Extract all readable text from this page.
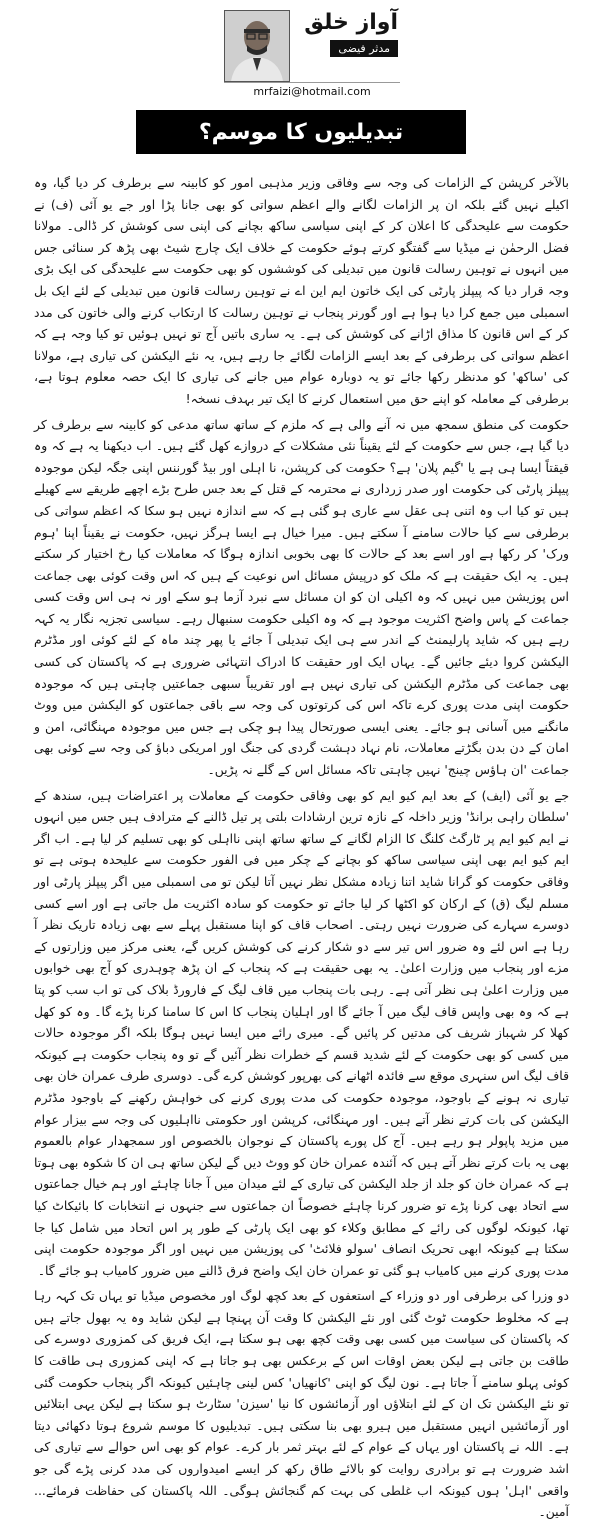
آواز خلق
مدثر فیضی
mrfaizi@hotmail.com
تبدیلیوں کا موسم؟

بالآخر کرپشن کے الزامات کی وجہ سے وفاقی وزیر مذہبی امور کو کابینہ سے برطرف کر دیا گیا، وہ اکیلے نہیں گئے بلکہ ان پر الزامات لگانے والے اعظم سواتی کو بھی جانا پڑا اور جے یو آئی (ف) نے حکومت سے علیحدگی کا اعلان کر کے اپنی سیاسی ساکھ بچانے کی اپنی سی کوشش کر ڈالی۔ مولانا فضل الرحمٰن نے میڈیا سے گفتگو کرتے ہوئے حکومت کے خلاف ایک چارج شیٹ بھی پڑھ کر سنائی جس میں انہوں نے توہین رسالت قانون میں تبدیلی کی کوششوں کو بھی حکومت سے علیحدگی کی ایک بڑی وجہ قرار دیا کہ پیپلز پارٹی کی ایک خاتون ایم این اے نے توہین رسالت قانون میں تبدیلی کے لئے ایک بل اسمبلی میں جمع کرا دیا ہوا ہے اور گورنر پنجاب نے توہین رسالت کا ارتکاب کرنے والی خاتون کی مدد کر کے اس قانون کا مذاق اڑانے کی کوشش کی ہے۔ یہ ساری باتیں آج تو نہیں ہوئیں تو کیا وجہ ہے کہ اعظم سواتی کی برطرفی کے بعد ایسے الزامات لگائے جا رہے ہیں، یہ نئے الیکشن کی تیاری ہے، مولانا کی 'ساکھ' کو مدنظر رکھا جائے تو یہ دوبارہ عوام میں جانے کی تیاری کا ایک حصہ معلوم ہوتا ہے، برطرفی کے معاملہ کو اپنے حق میں استعمال کرنے کا ایک تیر بہدف نسخہ!

حکومت کی منطق سمجھ میں نہ آنے والی ہے کہ ملزم کے ساتھ ساتھ مدعی کو کابینہ سے برطرف کر دیا گیا ہے، جس سے حکومت کے لئے یقیناً نئی مشکلات کے دروازے کھل گئے ہیں۔ اب دیکھنا یہ ہے کہ وہ قیقتاً ایسا ہی ہے یا 'گیم پلان' ہے؟ حکومت کی کرپشن، نا اہلی اور بیڈ گورننس اپنی جگہ لیکن موجودہ پیپلز پارٹی کی حکومت اور صدر زرداری نے محترمہ کے قتل کے بعد جس طرح بڑے اچھے طریقے سے کھیلے ہیں تو کیا اب وہ اتنی ہی عقل سے عاری ہو گئی ہے کہ سے اندازہ نہیں ہو سکا کہ اعظم سواتی کی برطرفی سے کیا حالات سامنے آ سکتے ہیں۔ میرا خیال ہے ایسا ہرگز نہیں، حکومت نے یقیناً اپنا 'ہوم ورک' کر رکھا ہے اور اسے بعد کے حالات کا بھی بخوبی اندازہ ہوگا کہ معاملات کیا رخ اختیار کر سکتے ہیں۔ یہ ایک حقیقت ہے کہ ملک کو درپیش مسائل اس نوعیت کے ہیں کہ اس وقت کوئی بھی جماعت اس پوزیشن میں نہیں کہ وہ اکیلی ان کو ان مسائل سے نبرد آزما ہو سکے اور نہ ہی اس وقت کسی جماعت کے پاس واضح اکثریت موجود ہے کہ وہ اکیلی حکومت سنبھال رہے۔ سیاسی تجزیہ نگار یہ کہہ رہے ہیں کہ شاید پارلیمنٹ کے اندر سے ہی ایک تبدیلی آ جائے یا پھر چند ماہ کے لئے کوئی اور مڈٹرم الیکشن کروا دیئے جائیں گے۔ یہاں ایک اور حقیقت کا ادراک انتہائی ضروری ہے کہ پاکستان کی کسی بھی جماعت کی مڈٹرم الیکشن کی تیاری نہیں ہے اور تقریباً سبھی جماعتیں چاہتی ہیں کہ موجودہ حکومت اپنی مدت پوری کرے تاکہ اس کی کرتوتوں کی وجہ سے باقی جماعتوں کو الیکشن میں ووٹ مانگنے میں آسانی ہو جائے۔ یعنی ایسی صورتحال پیدا ہو چکی ہے جس میں موجودہ مہنگائی، امن و امان کے دن بدن بگڑتے معاملات، نام نہاد دہشت گردی کی جنگ اور امریکی دباؤ کی وجہ سے کوئی بھی جماعت 'ان ہاؤس چینج' نہیں چاہتی تاکہ مسائل اس کے گلے نہ پڑیں۔

جے یو آئی (ایف) کے بعد ایم کیو ایم کو بھی وفاقی حکومت کے معاملات پر اعتراضات ہیں، سندھ کے 'سلطان راہی برانڈ' وزیر داخلہ کے نازہ ترین ارشادات بلتی پر تیل ڈالنے کے مترادف ہیں جس میں انہوں نے ایم کیو ایم پر ٹارگٹ کلنگ کا الزام لگانے کے ساتھ ساتھ اپنی نااہلی کو بھی تسلیم کر لیا ہے۔ اب اگر ایم کیو ایم بھی اپنی سیاسی ساکھ کو بچانے کے چکر میں فی الفور حکومت سے علیحدہ ہوتی ہے تو وفاقی حکومت کو گرانا شاید اتنا زیادہ مشکل نظر نہیں آتا لیکن تو می اسمبلی میں اگر پیپلز پارٹی اور مسلم لیگ (ق) کے ارکان کو اکٹھا کر لیا جائے تو حکومت کو سادہ اکثریت مل جاتی ہے اور اسے کسی دوسرے سہارے کی ضرورت نہیں رہتی۔ اصحاب قاف کو اپنا مستقبل پہلے سے بھی زیادہ تاریک نظر آ رہا ہے اس لئے وہ ضرور اس تیر سے دو شکار کرنے کی کوشش کریں گے، یعنی مرکز میں وزارتوں کے مزے اور پنجاب میں وزارت اعلیٰ۔ یہ بھی حقیقت ہے کہ پنجاب کے ان پڑھ چوہدری کو آج بھی خوابوں میں وزارت اعلیٰ ہی نظر آتی ہے۔ رہی بات پنجاب میں قاف لیگ کے فارورڈ بلاک کی تو اب سب کو پتا ہے کہ وہ بھی واپس قاف لیگ میں آ جائے گا اور اہلیان پنجاب کا اس کا سامنا کرنا پڑے گا۔ وہ کو کھل کھلا کر شہباز شریف کی مدتیں کر پائیں گے۔ میری رائے میں ایسا نہیں ہوگا بلکہ اگر موجودہ حالات میں کسی کو بھی حکومت کے لئے شدید قسم کے خطرات نظر آئیں گے تو وہ پنجاب حکومت ہے کیونکہ قاف لیگ اس سنہری موقع سے فائدہ اٹھانے کی بھرپور کوشش کرے گی۔ دوسری طرف عمران خان بھی تیاری نہ ہونے کے باوجود، موجودہ حکومت کی مدت پوری کرنے کی خواہش رکھنے کے باوجود مڈٹرم الیکشن کی بات کرتے نظر آتے ہیں۔ اور مہنگائی، کرپشن اور حکومتی نااہلیوں کی وجہ سے بیزار عوام میں مزید پاپولر ہو رہے ہیں۔ آج کل پورے پاکستان کے نوجوان بالخصوص اور سمجھدار عوام بالعموم بھی یہ بات کرتے نظر آتے ہیں کہ آئندہ عمران خان کو ووٹ دیں گے لیکن ساتھ ہی ان کا شکوہ بھی ہوتا ہے کہ عمران خان کو جلد از جلد الیکشن کی تیاری کے لئے میدان میں آ جانا چاہئے اور ہم خیال جماعتوں سے اتحاد بھی کرنا پڑے تو ضرور کرنا چاہئے خصوصاً ان جماعتوں سے جنہوں نے انتخابات کا بائیکاٹ کیا تھا، کیونکہ لوگوں کی رائے کے مطابق وکلاء کو بھی ایک پارٹی کے طور پر اس اتحاد میں شامل کیا جا سکتا ہے کیونکہ ابھی تحریک انصاف 'سولو فلائٹ' کی پوزیشن میں نہیں اور اگر موجودہ حکومت اپنی مدت پوری کرنے میں کامیاب ہو گئی تو عمران خان ایک واضح فرق ڈالنے میں ضرور کامیاب ہو جائے گا۔

دو وزرا کی برطرفی اور دو وزراء کے استعفوں کے بعد کچھ لوگ اور مخصوص میڈیا تو یہاں تک کہہ رہا ہے کہ مخلوط حکومت ٹوٹ گئی اور نئے الیکشن کا وقت آن پہنچا ہے لیکن شاید وہ یہ بھول جاتے ہیں کہ پاکستان کی سیاست میں کسی بھی وقت کچھ بھی ہو سکتا ہے، ایک فریق کی کمزوری دوسرے کی طاقت بن جاتی ہے لیکن بعض اوقات اس کے برعکس بھی ہو جاتا ہے کہ اپنی کمزوری ہی طاقت کا کوئی پہلو سامنے آ جاتا ہے۔ نون لیگ کو اپنی 'کانھیاں' کس لینی چاہئیں کیونکہ اگر پنجاب حکومت گئی تو نئے الیکشن تک ان کے لئے ابتلاؤں اور آزمائشوں کا نیا 'سیزن' سٹارٹ ہو سکتا ہے لیکن یہی ابتلائیں اور آزمائشیں انہیں مستقبل میں ہیرو بھی بنا سکتی ہیں۔ تبدیلیوں کا موسم شروع ہوتا دکھائی دیتا ہے۔ اللہ نے پاکستان اور یہاں کے عوام کے لئے بہتر ثمر بار کرے۔ عوام کو بھی اس حوالے سے تیاری کی اشد ضرورت ہے تو برادری روایت کو بالائے طاق رکھ کر ایسے امیدواروں کی مدد کرنی پڑے گی جو واقعی 'اہل' ہوں کیونکہ اب غلطی کی بہت کم گنجائش ہوگی۔ اللہ پاکستان کی حفاظت فرمائے... آمین۔
